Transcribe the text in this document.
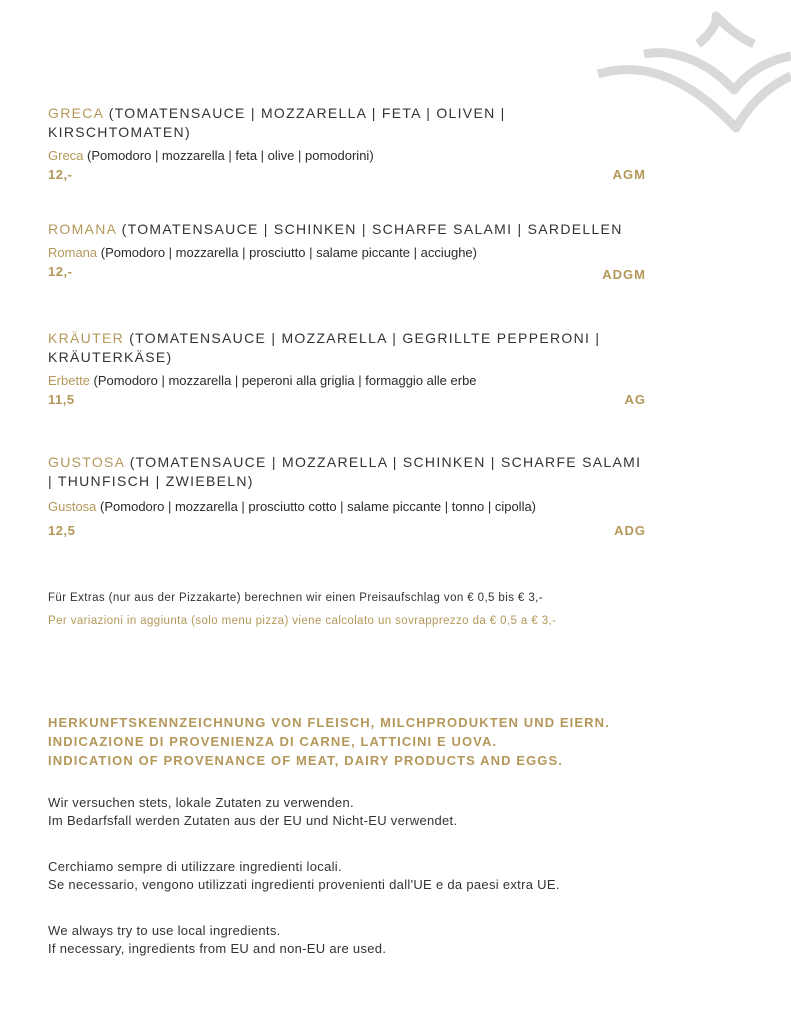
GRECA (TOMATENSAUCE | MOZZARELLA | FETA | OLIVEN | KIRSCHTOMATEN)

Greca (Pomodoro | mozzarella | feta | olive | pomodorini)
12,-	AGM

ROMANA (TOMATENSAUCE | SCHINKEN | SCHARFE SALAMI | SARDELLEN

Romana (Pomodoro | mozzarella | prosciutto | salame piccante | acciughe)
12,-	ADGM

KRÄUTER (TOMATENSAUCE | MOZZARELLA | GEGRILLTE PEPPERONI | KRÄUTERKÄSE)

Erbette (Pomodoro | mozzarella | peperoni alla griglia | formaggio alle erbe
11,5	AG

GUSTOSA (TOMATENSAUCE | MOZZARELLA | SCHINKEN | SCHARFE SALAMI | THUNFISCH | ZWIEBELN)

Gustosa (Pomodoro | mozzarella | prosciutto cotto | salame piccante | tonno | cipolla)
12,5	ADG
Für Extras (nur aus der Pizzakarte) berechnen wir einen Preisaufschlag von € 0,5 bis € 3,-
Per variazioni in aggiunta (solo menu pizza) viene calcolato un sovrapprezzo da € 0,5 a € 3,-
HERKUNFTSKENNZEICHNUNG VON FLEISCH, MILCHPRODUKTEN UND EIERN.
INDICAZIONE DI PROVENIENZA DI CARNE, LATTICINI E UOVA.
INDICATION OF PROVENANCE OF MEAT, DAIRY PRODUCTS AND EGGS.
Wir versuchen stets, lokale Zutaten zu verwenden.
Im Bedarfsfall werden Zutaten aus der EU und Nicht-EU verwendet.
Cerchiamo sempre di utilizzare ingredienti locali.
Se necessario, vengono utilizzati ingredienti provenienti dall'UE e da paesi extra UE.
We always try to use local ingredients.
If necessary, ingredients from EU and non-EU are used.
